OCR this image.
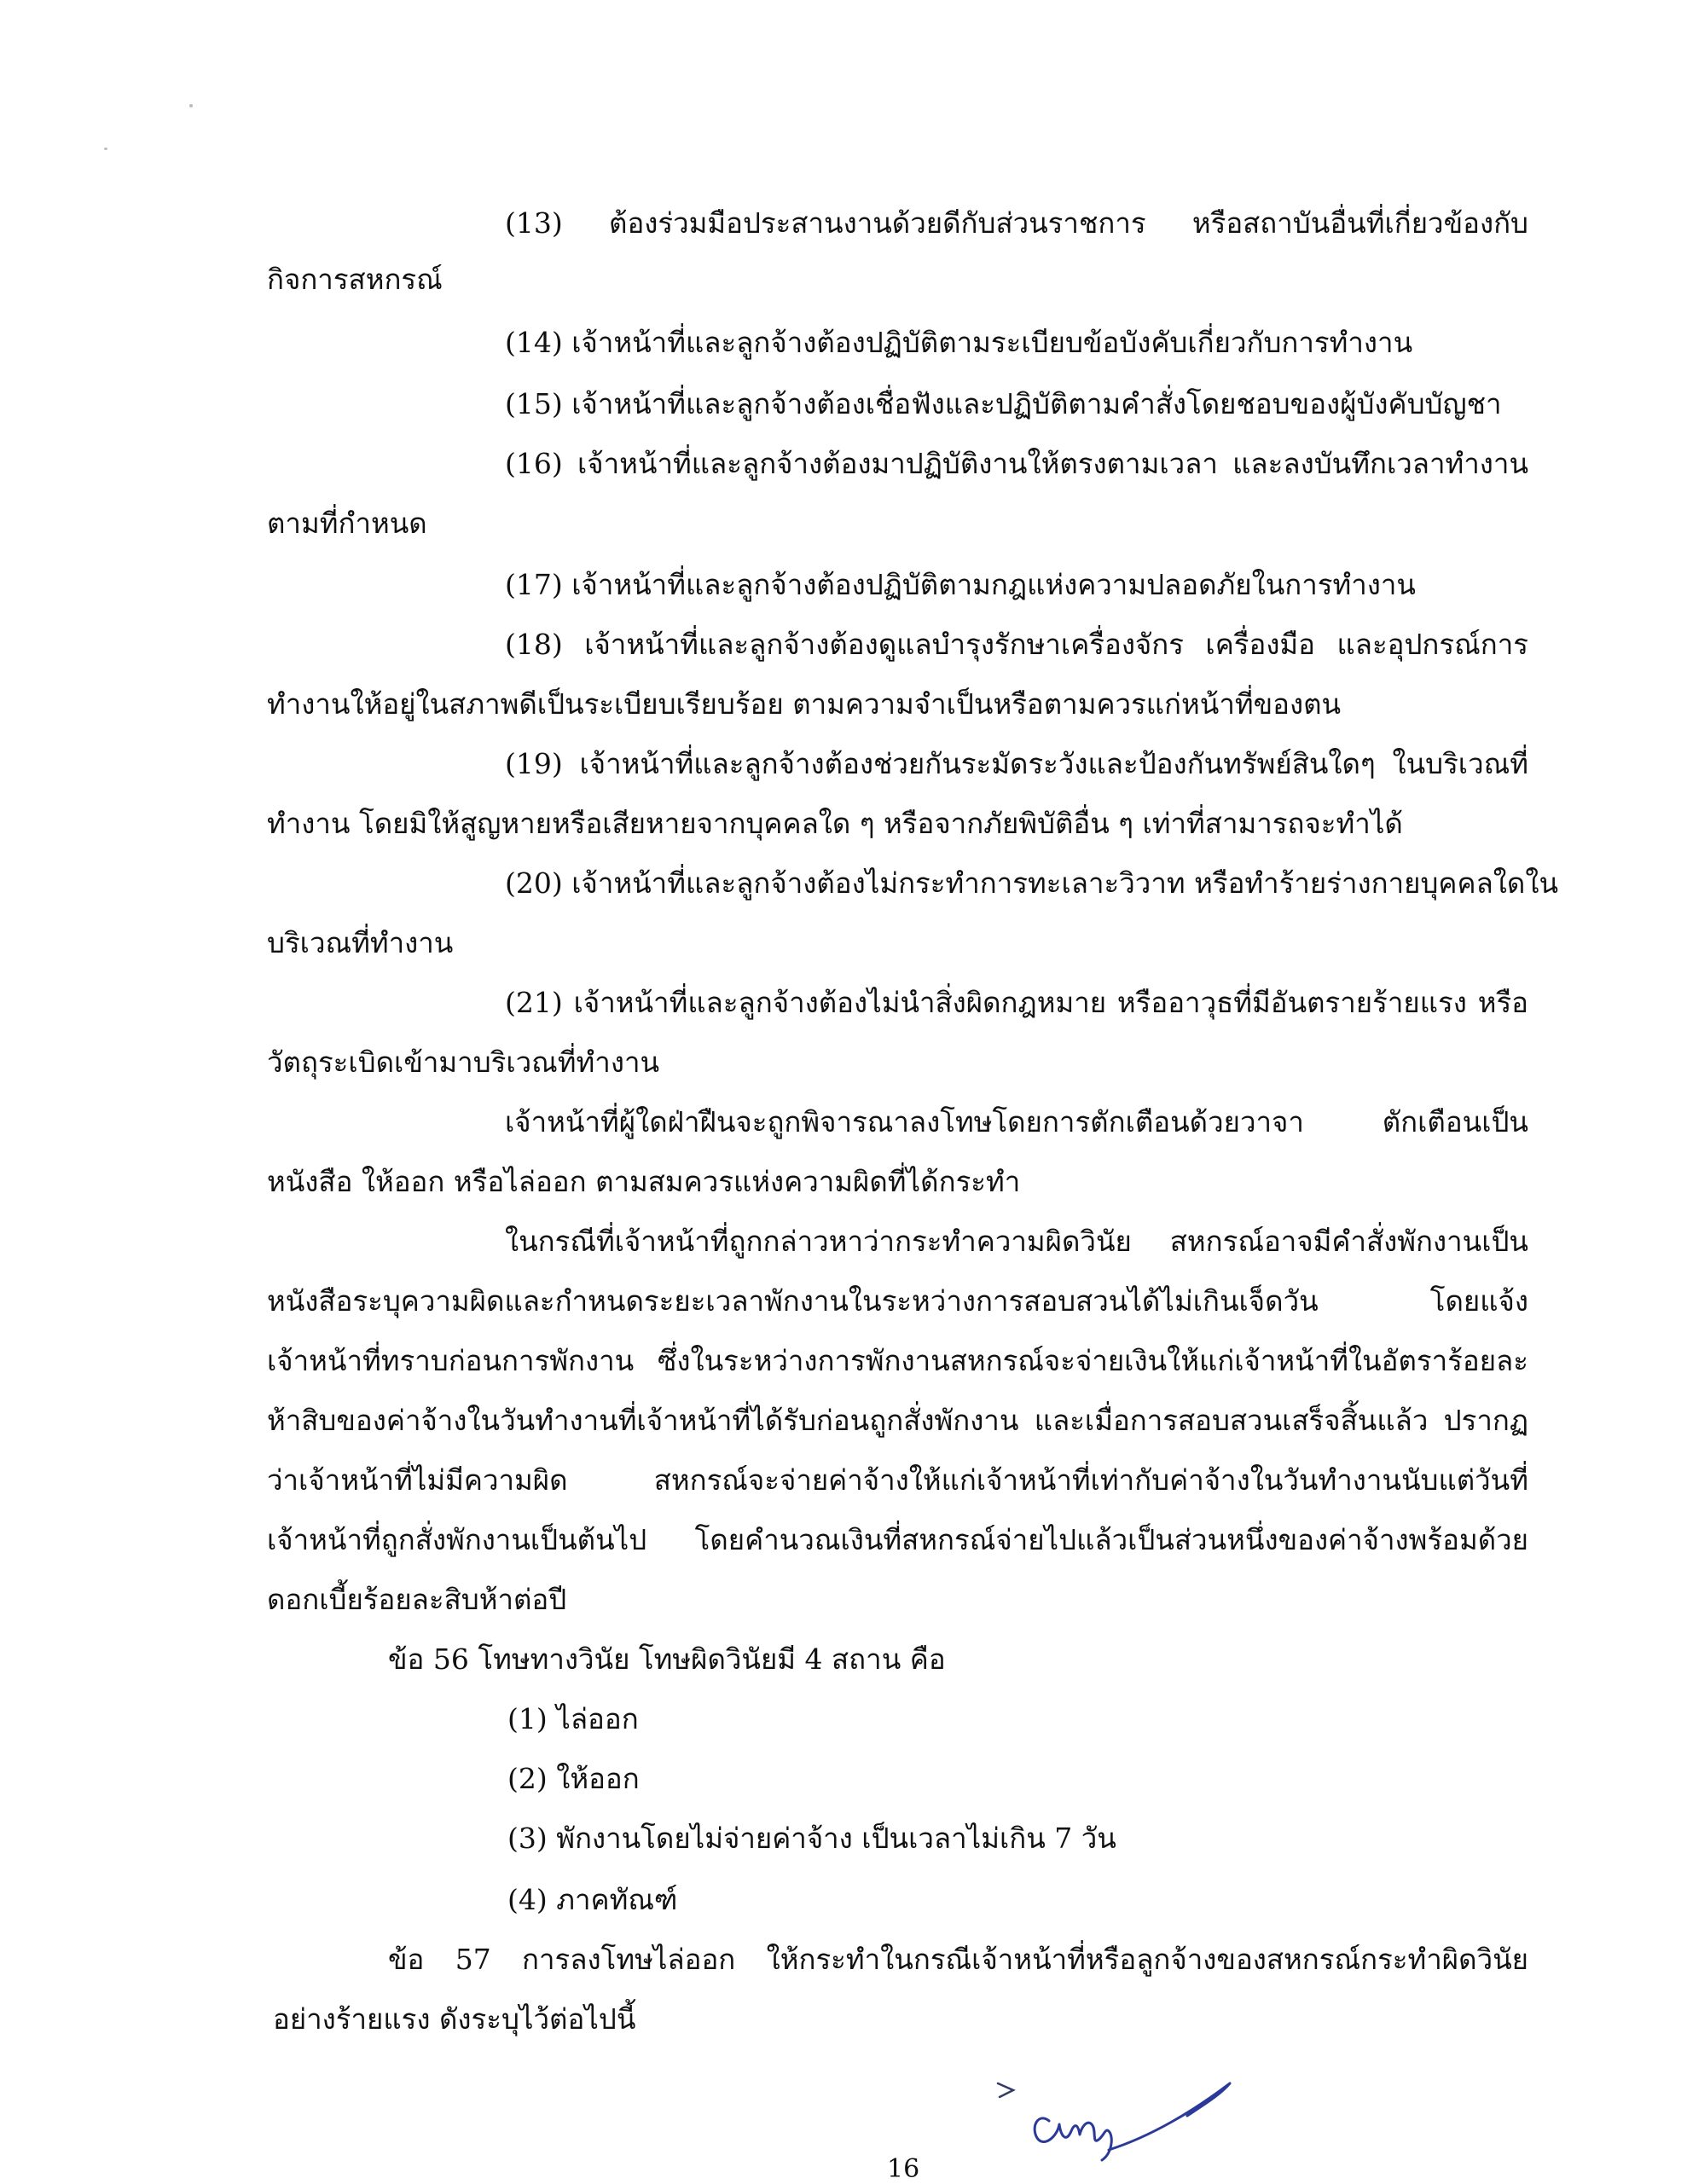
(13) ต้องร่วมมือประสานงานด้วยดีกับส่วนราชการ หรือสถาบันอื่นที่เกี่ยวข้องกับ
กิจการสหกรณ์
(14) เจ้าหน้าที่และลูกจ้างต้องปฏิบัติตามระเบียบข้อบังคับเกี่ยวกับการทำงาน
(15) เจ้าหน้าที่และลูกจ้างต้องเชื่อฟังและปฏิบัติตามคำสั่งโดยชอบของผู้บังคับบัญชา
(16) เจ้าหน้าที่และลูกจ้างต้องมาปฏิบัติงานให้ตรงตามเวลา และลงบันทึกเวลาทำงาน
ตามที่กำหนด
(17) เจ้าหน้าที่และลูกจ้างต้องปฏิบัติตามกฎแห่งความปลอดภัยในการทำงาน
(18) เจ้าหน้าที่และลูกจ้างต้องดูแลบำรุงรักษาเครื่องจักร เครื่องมือ และอุปกรณ์การ
ทำงานให้อยู่ในสภาพดีเป็นระเบียบเรียบร้อย ตามความจำเป็นหรือตามควรแก่หน้าที่ของตน
(19) เจ้าหน้าที่และลูกจ้างต้องช่วยกันระมัดระวังและป้องกันทรัพย์สินใดๆ ในบริเวณที่
ทำงาน โดยมิให้สูญหายหรือเสียหายจากบุคคลใด ๆ หรือจากภัยพิบัติอื่น ๆ เท่าที่สามารถจะทำได้
(20) เจ้าหน้าที่และลูกจ้างต้องไม่กระทำการทะเลาะวิวาท หรือทำร้ายร่างกายบุคคลใดใน
บริเวณที่ทำงาน
(21) เจ้าหน้าที่และลูกจ้างต้องไม่นำสิ่งผิดกฎหมาย หรืออาวุธที่มีอันตรายร้ายแรง หรือ
วัตถุระเบิดเข้ามาบริเวณที่ทำงาน
เจ้าหน้าที่ผู้ใดฝ่าฝืนจะถูกพิจารณาลงโทษโดยการตักเตือนด้วยวาจา ตักเตือนเป็น
หนังสือ ให้ออก หรือไล่ออก ตามสมควรแห่งความผิดที่ได้กระทำ
ในกรณีที่เจ้าหน้าที่ถูกกล่าวหาว่ากระทำความผิดวินัย สหกรณ์อาจมีคำสั่งพักงานเป็น
หนังสือระบุความผิดและกำหนดระยะเวลาพักงานในระหว่างการสอบสวนได้ไม่เกินเจ็ดวัน โดยแจ้ง
เจ้าหน้าที่ทราบก่อนการพักงาน ซึ่งในระหว่างการพักงานสหกรณ์จะจ่ายเงินให้แก่เจ้าหน้าที่ในอัตราร้อยละ
ห้าสิบของค่าจ้างในวันทำงานที่เจ้าหน้าที่ได้รับก่อนถูกสั่งพักงาน และเมื่อการสอบสวนเสร็จสิ้นแล้ว ปรากฏ
ว่าเจ้าหน้าที่ไม่มีความผิด สหกรณ์จะจ่ายค่าจ้างให้แก่เจ้าหน้าที่เท่ากับค่าจ้างในวันทำงานนับแต่วันที่
เจ้าหน้าที่ถูกสั่งพักงานเป็นต้นไป โดยคำนวณเงินที่สหกรณ์จ่ายไปแล้วเป็นส่วนหนึ่งของค่าจ้างพร้อมด้วย
ดอกเบี้ยร้อยละสิบห้าต่อปี
ข้อ 56 โทษทางวินัย โทษผิดวินัยมี 4 สถาน คือ
(1) ไล่ออก
(2) ให้ออก
(3) พักงานโดยไม่จ่ายค่าจ้าง เป็นเวลาไม่เกิน 7 วัน
(4) ภาคทัณฑ์
ข้อ 57 การลงโทษไล่ออก ให้กระทำในกรณีเจ้าหน้าที่หรือลูกจ้างของสหกรณ์กระทำผิดวินัย
อย่างร้ายแรง ดังระบุไว้ต่อไปนี้
16
